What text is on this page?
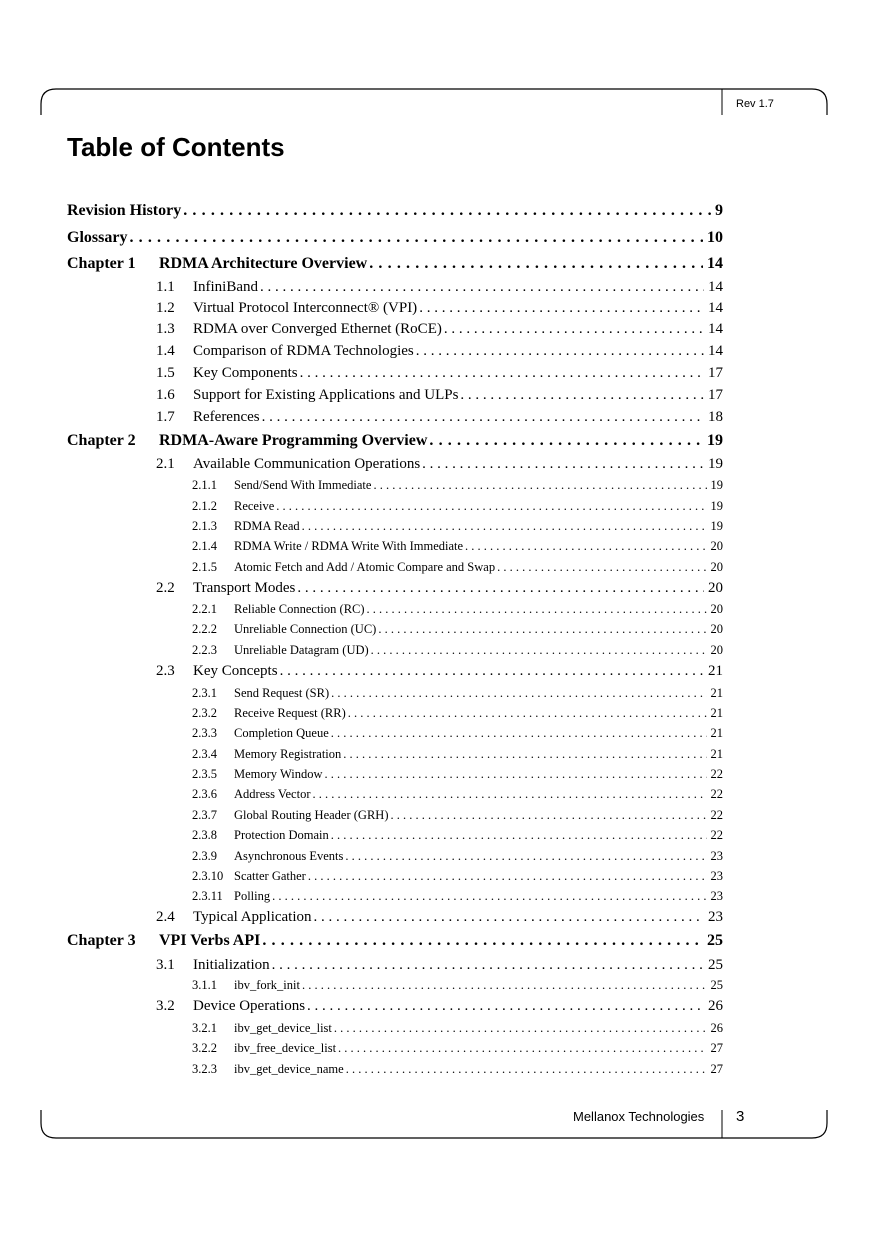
Rev 1.7
Table of Contents
Revision History . . .	9
Glossary . . .	10
Chapter 1	RDMA Architecture Overview . . .	14
1.1	InfiniBand . . .	14
1.2	Virtual Protocol Interconnect® (VPI) . . .	14
1.3	RDMA over Converged Ethernet (RoCE) . . .	14
1.4	Comparison of RDMA Technologies . . .	14
1.5	Key Components . . .	17
1.6	Support for Existing Applications and ULPs . . .	17
1.7	References . . .	18
Chapter 2	RDMA-Aware Programming Overview . . .	19
2.1	Available Communication Operations . . .	19
2.1.1	Send/Send With Immediate . . .	19
2.1.2	Receive . . .	19
2.1.3	RDMA Read . . .	19
2.1.4	RDMA Write / RDMA Write With Immediate . . .	20
2.1.5	Atomic Fetch and Add / Atomic Compare and Swap . . .	20
2.2	Transport Modes . . .	20
2.2.1	Reliable Connection (RC) . . .	20
2.2.2	Unreliable Connection (UC) . . .	20
2.2.3	Unreliable Datagram (UD) . . .	20
2.3	Key Concepts . . .	21
2.3.1	Send Request (SR) . . .	21
2.3.2	Receive Request (RR) . . .	21
2.3.3	Completion Queue . . .	21
2.3.4	Memory Registration . . .	21
2.3.5	Memory Window . . .	22
2.3.6	Address Vector . . .	22
2.3.7	Global Routing Header (GRH) . . .	22
2.3.8	Protection Domain . . .	22
2.3.9	Asynchronous Events . . .	23
2.3.10 Scatter Gather . . .	23
2.3.11 Polling . . .	23
2.4	Typical Application . . .	23
Chapter 3	VPI Verbs API . . .	25
3.1	Initialization . . .	25
3.1.1	ibv_fork_init . . .	25
3.2	Device Operations . . .	26
3.2.1	ibv_get_device_list . . .	26
3.2.2	ibv_free_device_list . . .	27
3.2.3	ibv_get_device_name . . .	27
Mellanox Technologies 3
